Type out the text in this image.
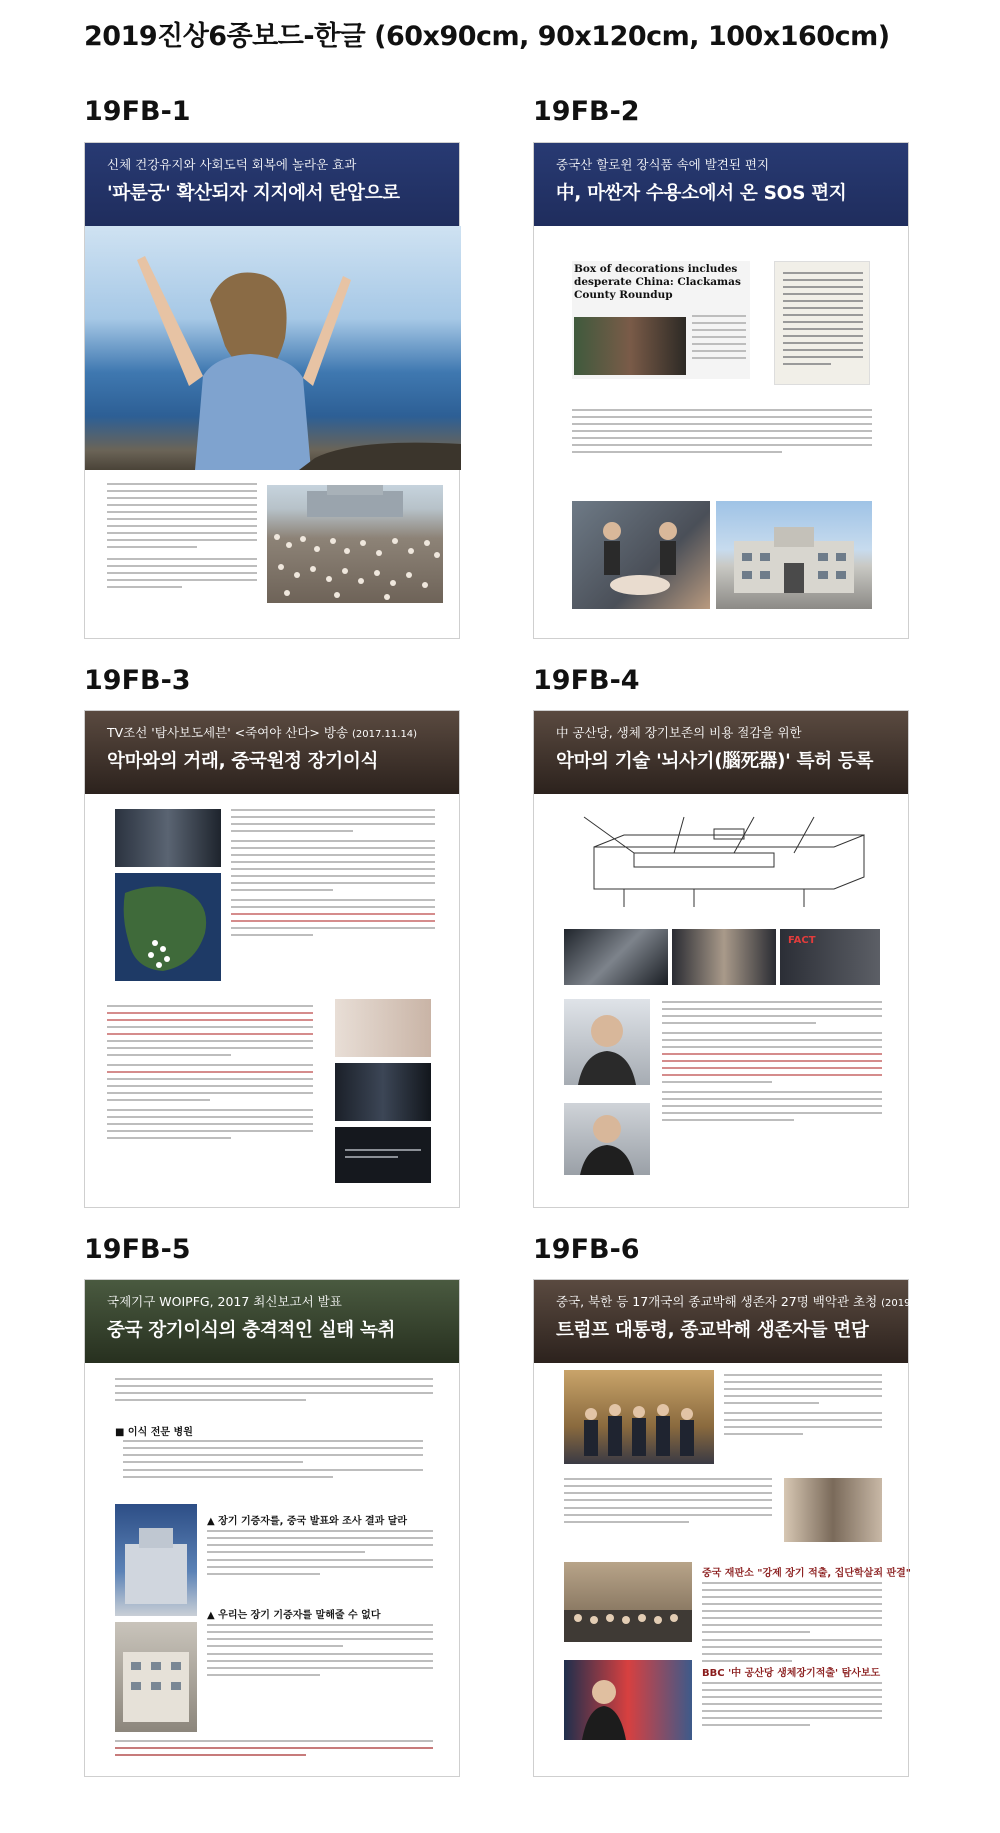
2019진상6종보드-한글 (60x90cm, 90x120cm, 100x160cm)
19FB-1
신체 건강유지와 사회도덕 회복에 놀라운 효과
'파룬궁' 확산되자 지지에서 탄압으로
19FB-2
중국산 할로윈 장식품 속에 발견된 편지
中, 마싼자 수용소에서 온 SOS 편지
Box of decorations includes desperate China: Clackamas County Roundup
19FB-3
TV조선 '탐사보도세븐' <죽여야 산다> 방송 (2017.11.14)
악마와의 거래, 중국원정 장기이식
19FB-4
中 공산당, 생체 장기보존의 비용 절감을 위한
악마의 기술 '뇌사기(腦死器)' 특허 등록
FACT
19FB-5
국제기구 WOIPFG, 2017 최신보고서 발표
중국 장기이식의 충격적인 실태 녹취
■ 이식 전문 병원
▲ 장기 기증자를, 중국 발표와 조사 결과 달라
▲ 우리는 장기 기증자를 말해줄 수 없다
19FB-6
중국, 북한 등 17개국의 종교박해 생존자 27명 백악관 초청 (2019.7.17)
트럼프 대통령, 종교박해 생존자들 면담
중국 재판소 "강제 장기 적출, 집단학살죄 판결"
BBC '中 공산당 생체장기적출' 탐사보도
